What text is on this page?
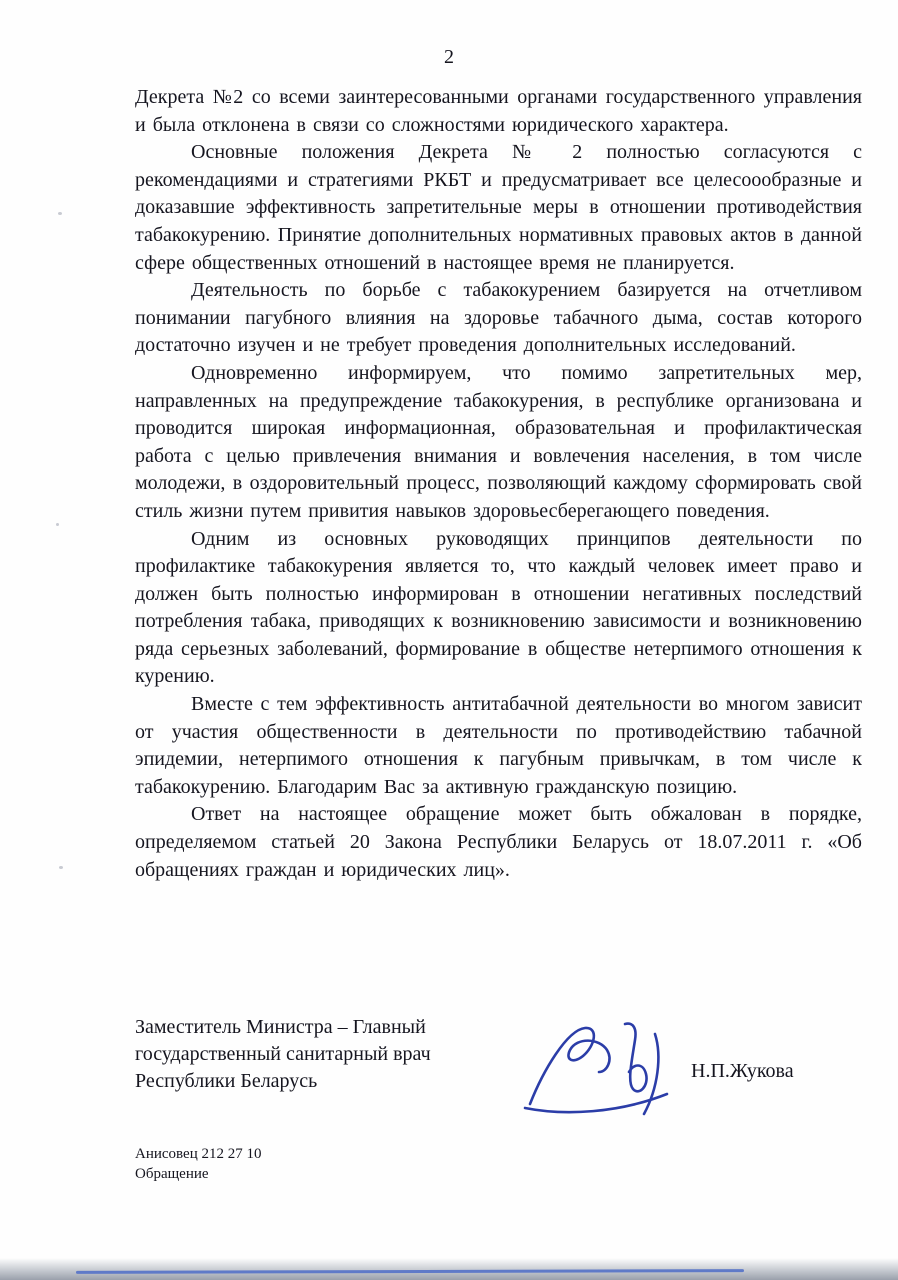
2

Декрета №2 со всеми заинтересованными органами государственного управления и была отклонена в связи со сложностями юридического характера.

Основные положения Декрета № 2 полностью согласуются с рекомендациями и стратегиями РКБТ и предусматривает все целесоообразные и доказавшие эффективность запретительные меры в отношении противодействия табакокурению. Принятие дополнительных нормативных правовых актов в данной сфере общественных отношений в настоящее время не планируется.

Деятельность по борьбе с табакокурением базируется на отчетливом понимании пагубного влияния на здоровье табачного дыма, состав которого достаточно изучен и не требует проведения дополнительных исследований.

Одновременно информируем, что помимо запретительных мер, направленных на предупреждение табакокурения, в республике организована и проводится широкая информационная, образовательная и профилактическая работа с целью привлечения внимания и вовлечения населения, в том числе молодежи, в оздоровительный процесс, позволяющий каждому сформировать свой стиль жизни путем привития навыков здоровьесберегающего поведения.

Одним из основных руководящих принципов деятельности по профилактике табакокурения является то, что каждый человек имеет право и должен быть полностью информирован в отношении негативных последствий потребления табака, приводящих к возникновению зависимости и возникновению ряда серьезных заболеваний, формирование в обществе нетерпимого отношения к курению.

Вместе с тем эффективность антитабачной деятельности во многом зависит от участия общественности в деятельности по противодействию табачной эпидемии, нетерпимого отношения к пагубным привычкам, в том числе к табакокурению. Благодарим Вас за активную гражданскую позицию.

Ответ на настоящее обращение может быть обжалован в порядке, определяемом статьей 20 Закона Республики Беларусь от 18.07.2011 г. «Об обращениях граждан и юридических лиц».

Заместитель Министра – Главный
государственный санитарный врач
Республики Беларусь	Н.П.Жукова
Анисовец 212 27 10
Обращение
